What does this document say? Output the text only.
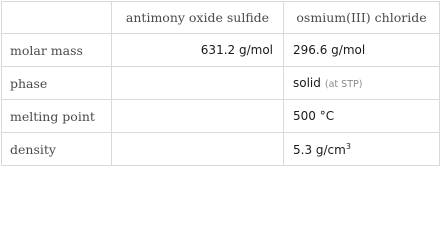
	antimony oxide sulfide	osmium(III) chloride
molar mass	631.2 g/mol	296.6 g/mol
phase		solid (at STP)
melting point		500 °C
density		5.3 $g/cm^3$
